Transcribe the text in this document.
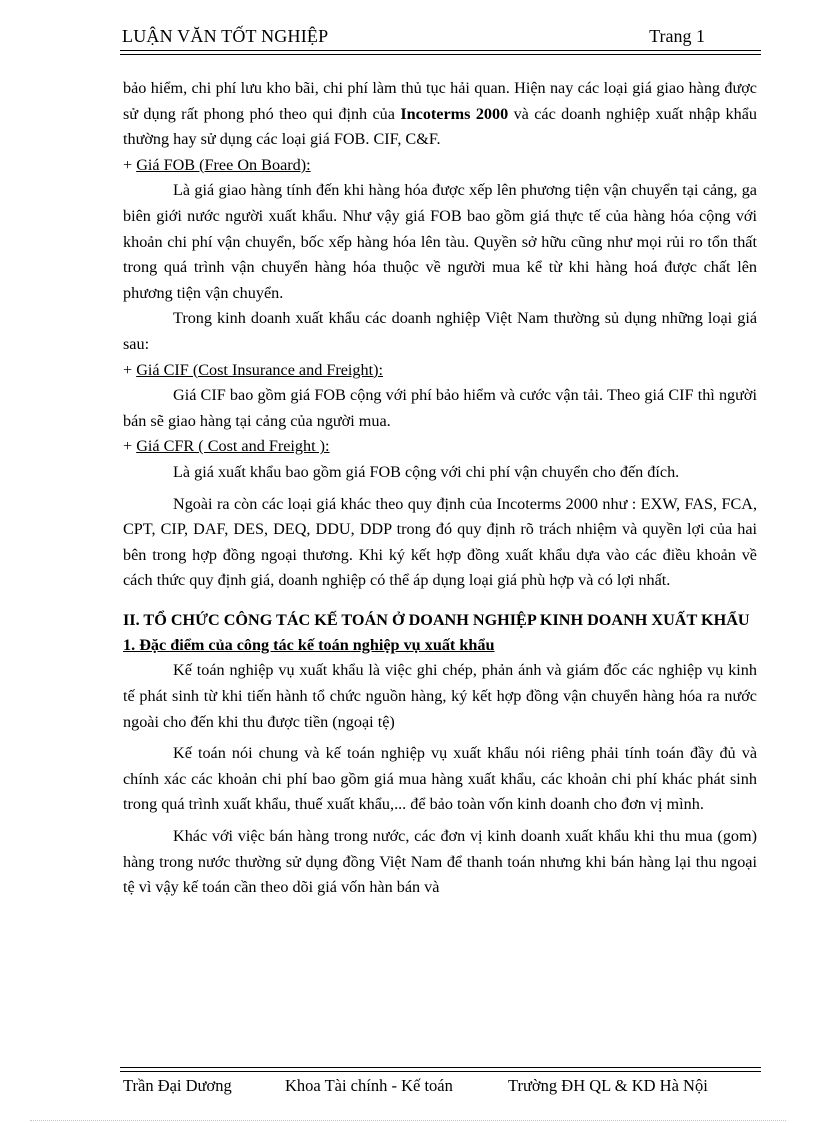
LUẬN VĂN TỐT NGHIỆP	Trang 1

bảo hiểm, chi phí lưu kho bãi, chi phí làm thủ tục hải quan. Hiện nay các loại giá giao hàng được sử dụng rất phong phó theo qui định của Incoterms 2000 và các doanh nghiệp xuất nhập khẩu thường hay sử dụng các loại giá FOB. CIF, C&F.

+ Giá FOB (Free On Board):

Là giá giao hàng tính đến khi hàng hóa được xếp lên phương tiện vận chuyển tại cảng, ga biên giới nước người xuất khẩu. Như vậy giá FOB bao gồm giá thực tế của hàng hóa cộng với khoản chi phí vận chuyển, bốc xếp hàng hóa lên tàu. Quyền sở hữu cũng như mọi rủi ro tổn thất trong quá trình vận chuyển hàng hóa thuộc về người mua kể từ khi hàng hoá được chất lên phương tiện vận chuyển.

Trong kinh doanh xuất khẩu các doanh nghiệp Việt Nam thường sủ dụng những loại giá sau:

+ Giá CIF (Cost Insurance and Freight):

Giá CIF bao gồm giá FOB cộng với phí bảo hiểm và cước vận tải. Theo giá CIF thì người bán sẽ giao hàng tại cảng của người mua.

+ Giá CFR ( Cost and Freight ):

Là giá xuất khẩu bao gồm giá FOB cộng với chi phí vận chuyển cho đến đích.

Ngoài ra còn các loại giá khác theo quy định của Incoterms 2000 như : EXW, FAS, FCA, CPT, CIP, DAF, DES, DEQ, DDU, DDP trong đó quy định rõ trách nhiệm và quyền lợi của hai bên trong hợp đồng ngoại thương. Khi ký kết hợp đồng xuất khẩu dựa vào các điều khoản về cách thức quy định giá, doanh nghiệp có thể áp dụng loại giá phù hợp và có lợi nhất.

II. TỔ CHỨC CÔNG TÁC KẾ TOÁN Ở DOANH NGHIỆP KINH DOANH XUẤT KHẨU

1. Đặc điểm của công tác kế toán nghiệp vụ xuất khẩu

Kế toán nghiệp vụ xuất khẩu là việc ghi chép, phản ánh và giám đốc các nghiệp vụ kinh tế phát sinh từ khi tiến hành tổ chức nguồn hàng, ký kết hợp đồng vận chuyển hàng hóa ra nước ngoài cho đến khi thu được tiền (ngoại tệ)

Kế toán nói chung và kế toán nghiệp vụ xuất khẩu nói riêng phải tính toán đầy đủ và chính xác các khoản chi phí bao gồm giá mua hàng xuất khẩu, các khoản chi phí khác phát sinh trong quá trình xuất khẩu, thuế xuất khẩu,... để bảo toàn vốn kinh doanh cho đơn vị mình.

Khác với việc bán hàng trong nước, các đơn vị kinh doanh xuất khẩu khi thu mua (gom) hàng trong nước thường sử dụng đồng Việt Nam để thanh toán nhưng khi bán hàng lại thu ngoại tệ vì vậy kế toán cần theo dõi giá vốn hàn bán và

Trần Đại Dương	Khoa Tài chính - Kế toán	Trường ĐH QL & KD Hà Nội
